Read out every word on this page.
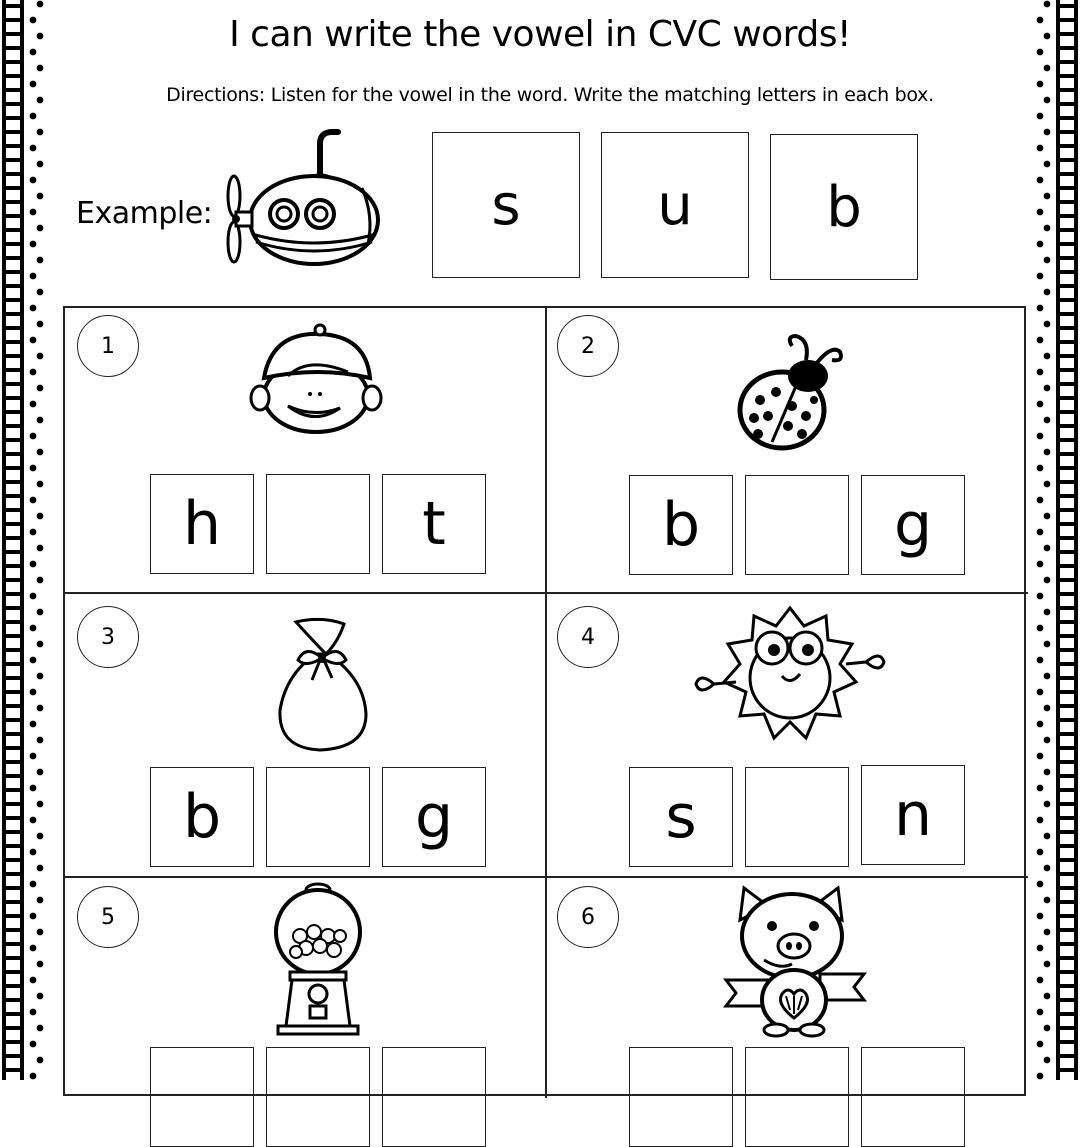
I can write the vowel in CVC words!
Directions: Listen for the vowel in the word. Write the matching letters in each box.
Example:	s	u	b
1
h	t
2
b	g
3
b	g
4
s	n
5	6
